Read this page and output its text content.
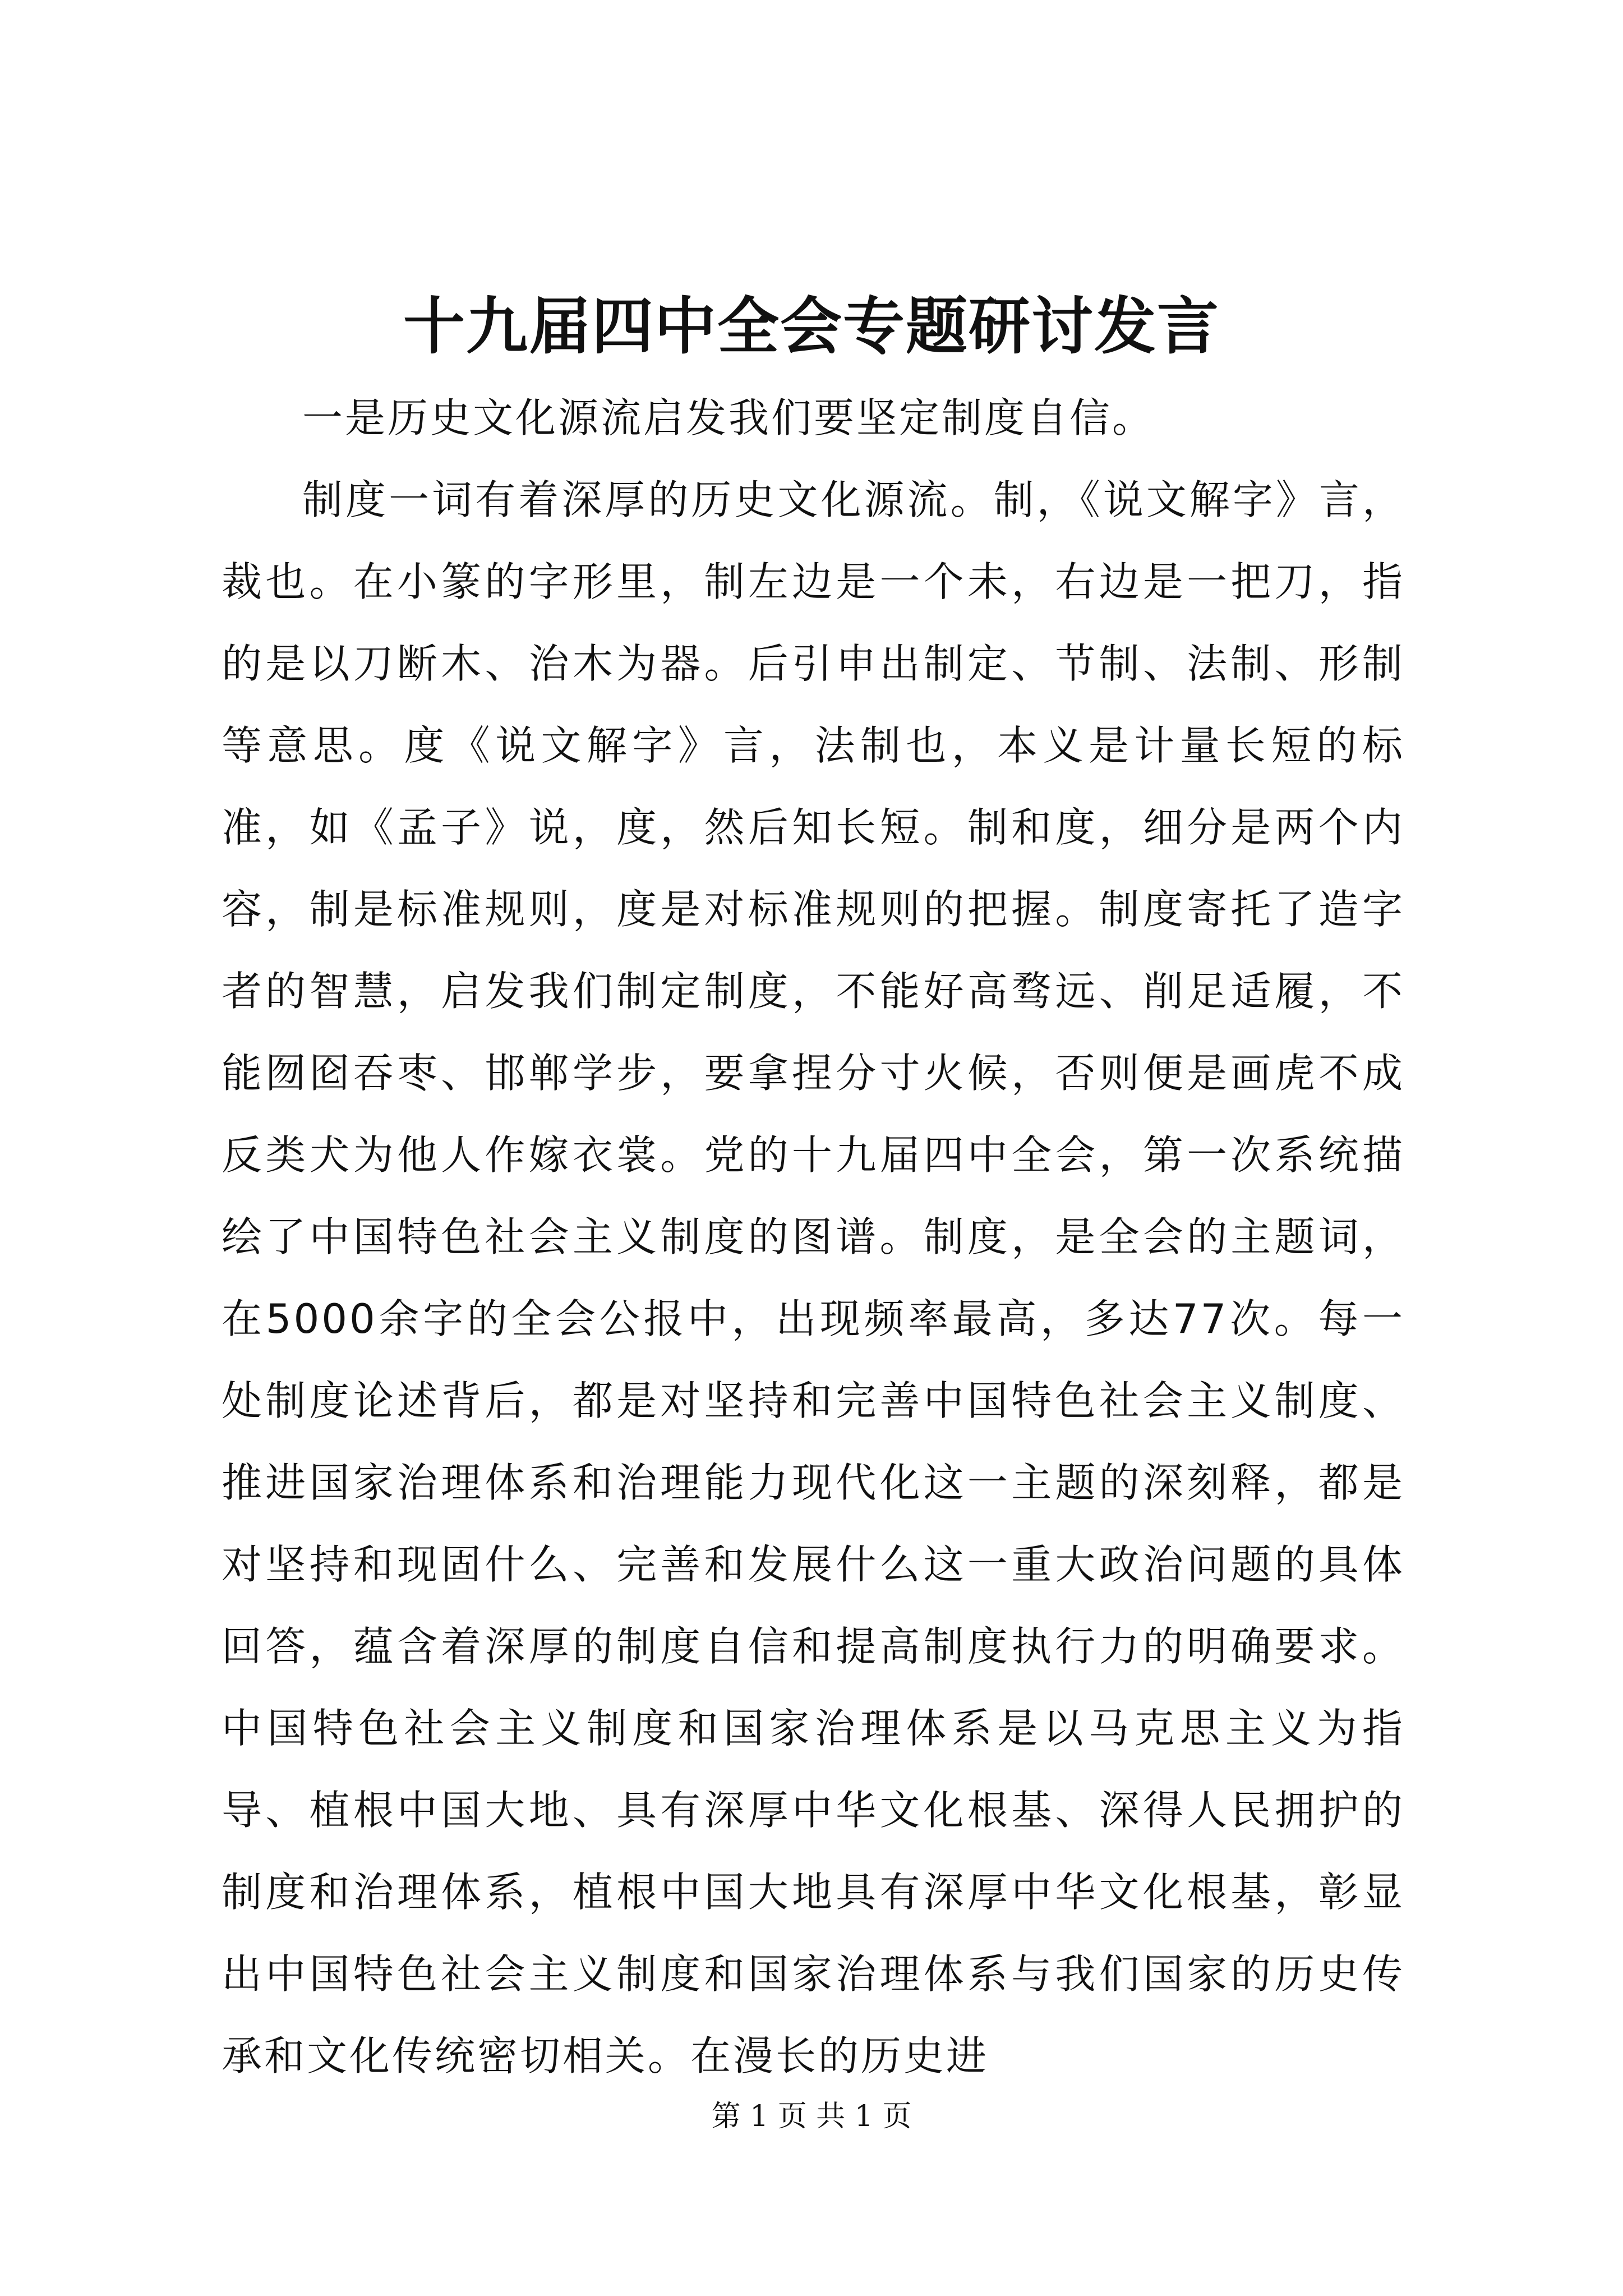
十九届四中全会专题研讨发言

一是历史文化源流启发我们要坚定制度自信。

制度一词有着深厚的历史文化源流。制，《说文解字》言，裁也。在小篆的字形里，制左边是一个未，右边是一把刀，指的是以刀断木、治木为器。后引申出制定、节制、法制、形制等意思。度《说文解字》言，法制也，本义是计量长短的标准，如《孟子》说，度，然后知长短。制和度，细分是两个内容，制是标准规则，度是对标准规则的把握。制度寄托了造字者的智慧，启发我们制定制度，不能好高骛远、削足适履，不能囫囵吞枣、邯郸学步，要拿捏分寸火候，否则便是画虎不成反类犬为他人作嫁衣裳。党的十九届四中全会，第一次系统描绘了中国特色社会主义制度的图谱。制度，是全会的主题词，在5000余字的全会公报中，出现频率最高，多达77次。每一处制度论述背后，都是对坚持和完善中国特色社会主义制度、推进国家治理体系和治理能力现代化这一主题的深刻释，都是对坚持和现固什么、完善和发展什么这一重大政治问题的具体回答，蕴含着深厚的制度自信和提高制度执行力的明确要求。中国特色社会主义制度和国家治理体系是以马克思主义为指导、植根中国大地、具有深厚中华文化根基、深得人民拥护的制度和治理体系，植根中国大地具有深厚中华文化根基，彰显出中国特色社会主义制度和国家治理体系与我们国家的历史传承和文化传统密切相关。在漫长的历史进

第 1 页 共 1 页
